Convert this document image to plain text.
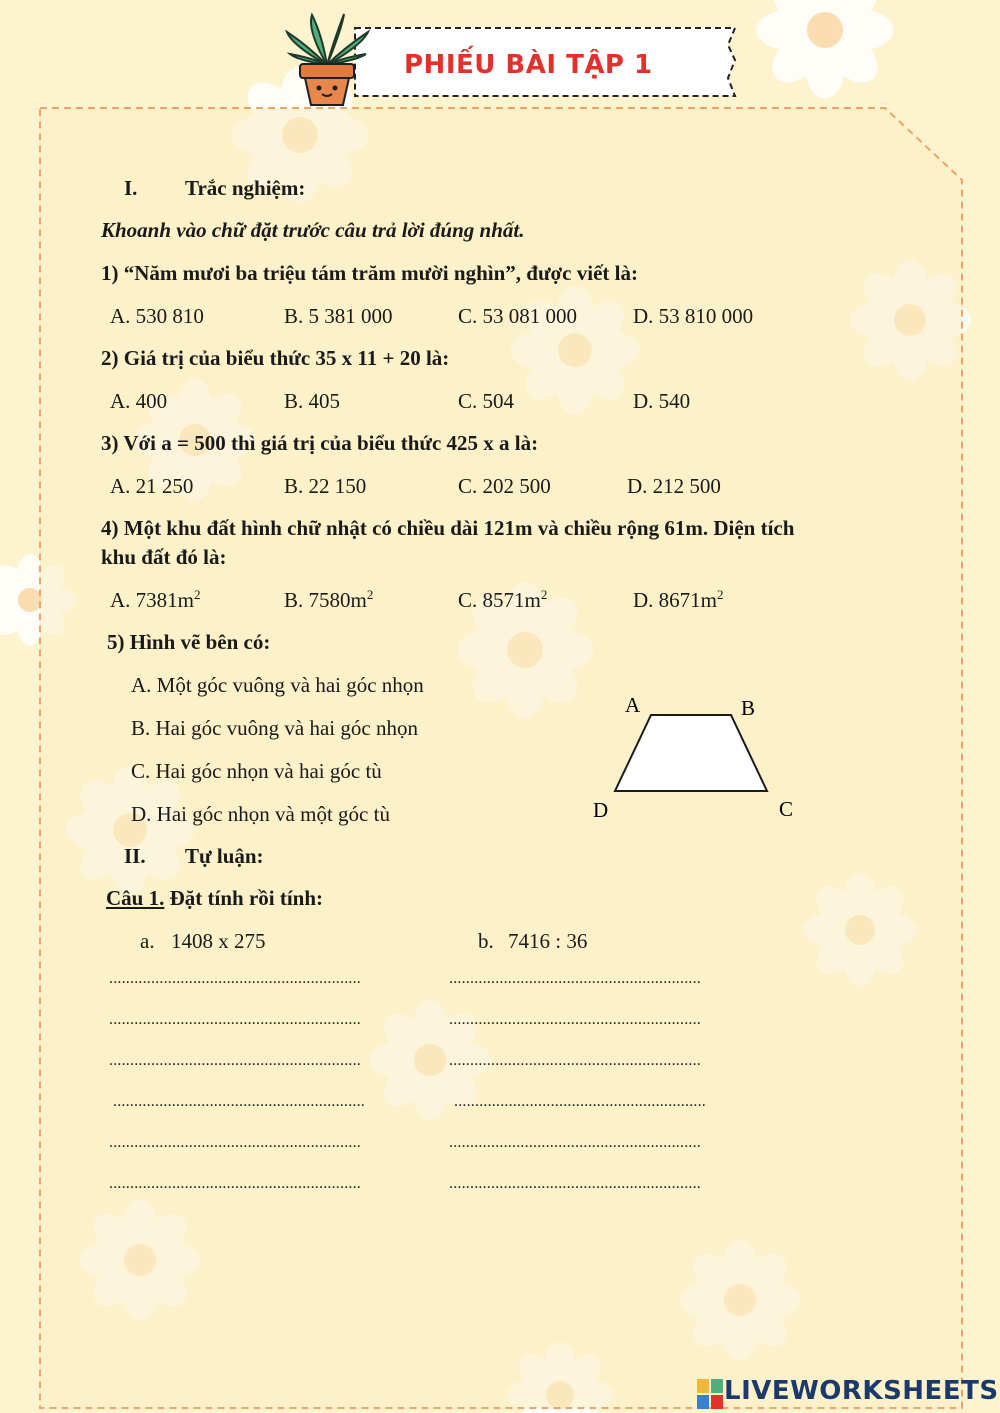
PHIẾU BÀI TẬP 1
I. Trắc nghiệm:
Khoanh vào chữ đặt trước câu trả lời đúng nhất.
1) “Năm mươi ba triệu tám trăm mười nghìn”, được viết là:
A. 530 810	B. 5 381 000	C. 53 081 000	D. 53 810 000
2) Giá trị của biểu thức 35 x 11 + 20 là:
A. 400	B. 405	C. 504	D. 540
3) Với a = 500 thì giá trị của biểu thức 425 x a là:
A. 21 250	B. 22 150	C. 202 500	D. 212 500
4) Một khu đất hình chữ nhật có chiều dài 121m và chiều rộng 61m. Diện tích
khu đất đó là:
A. $7381m^2$	B. $7580m^2$	C. $8571m^2$	D. $8671m^2$
5) Hình vẽ bên có:
A. Một góc vuông và hai góc nhọn
B. Hai góc vuông và hai góc nhọn
C. Hai góc nhọn và hai góc tù
D. Hai góc nhọn và một góc tù
A	B
C
D
II. Tự luận:
Câu 1. Đặt tính rồi tính:
a. 1408 x 275	b. 7416 : 36
............................................................	............................................................
............................................................	............................................................
............................................................	............................................................
............................................................	............................................................
............................................................	............................................................
............................................................	............................................................
LIVEWORKSHEETS
